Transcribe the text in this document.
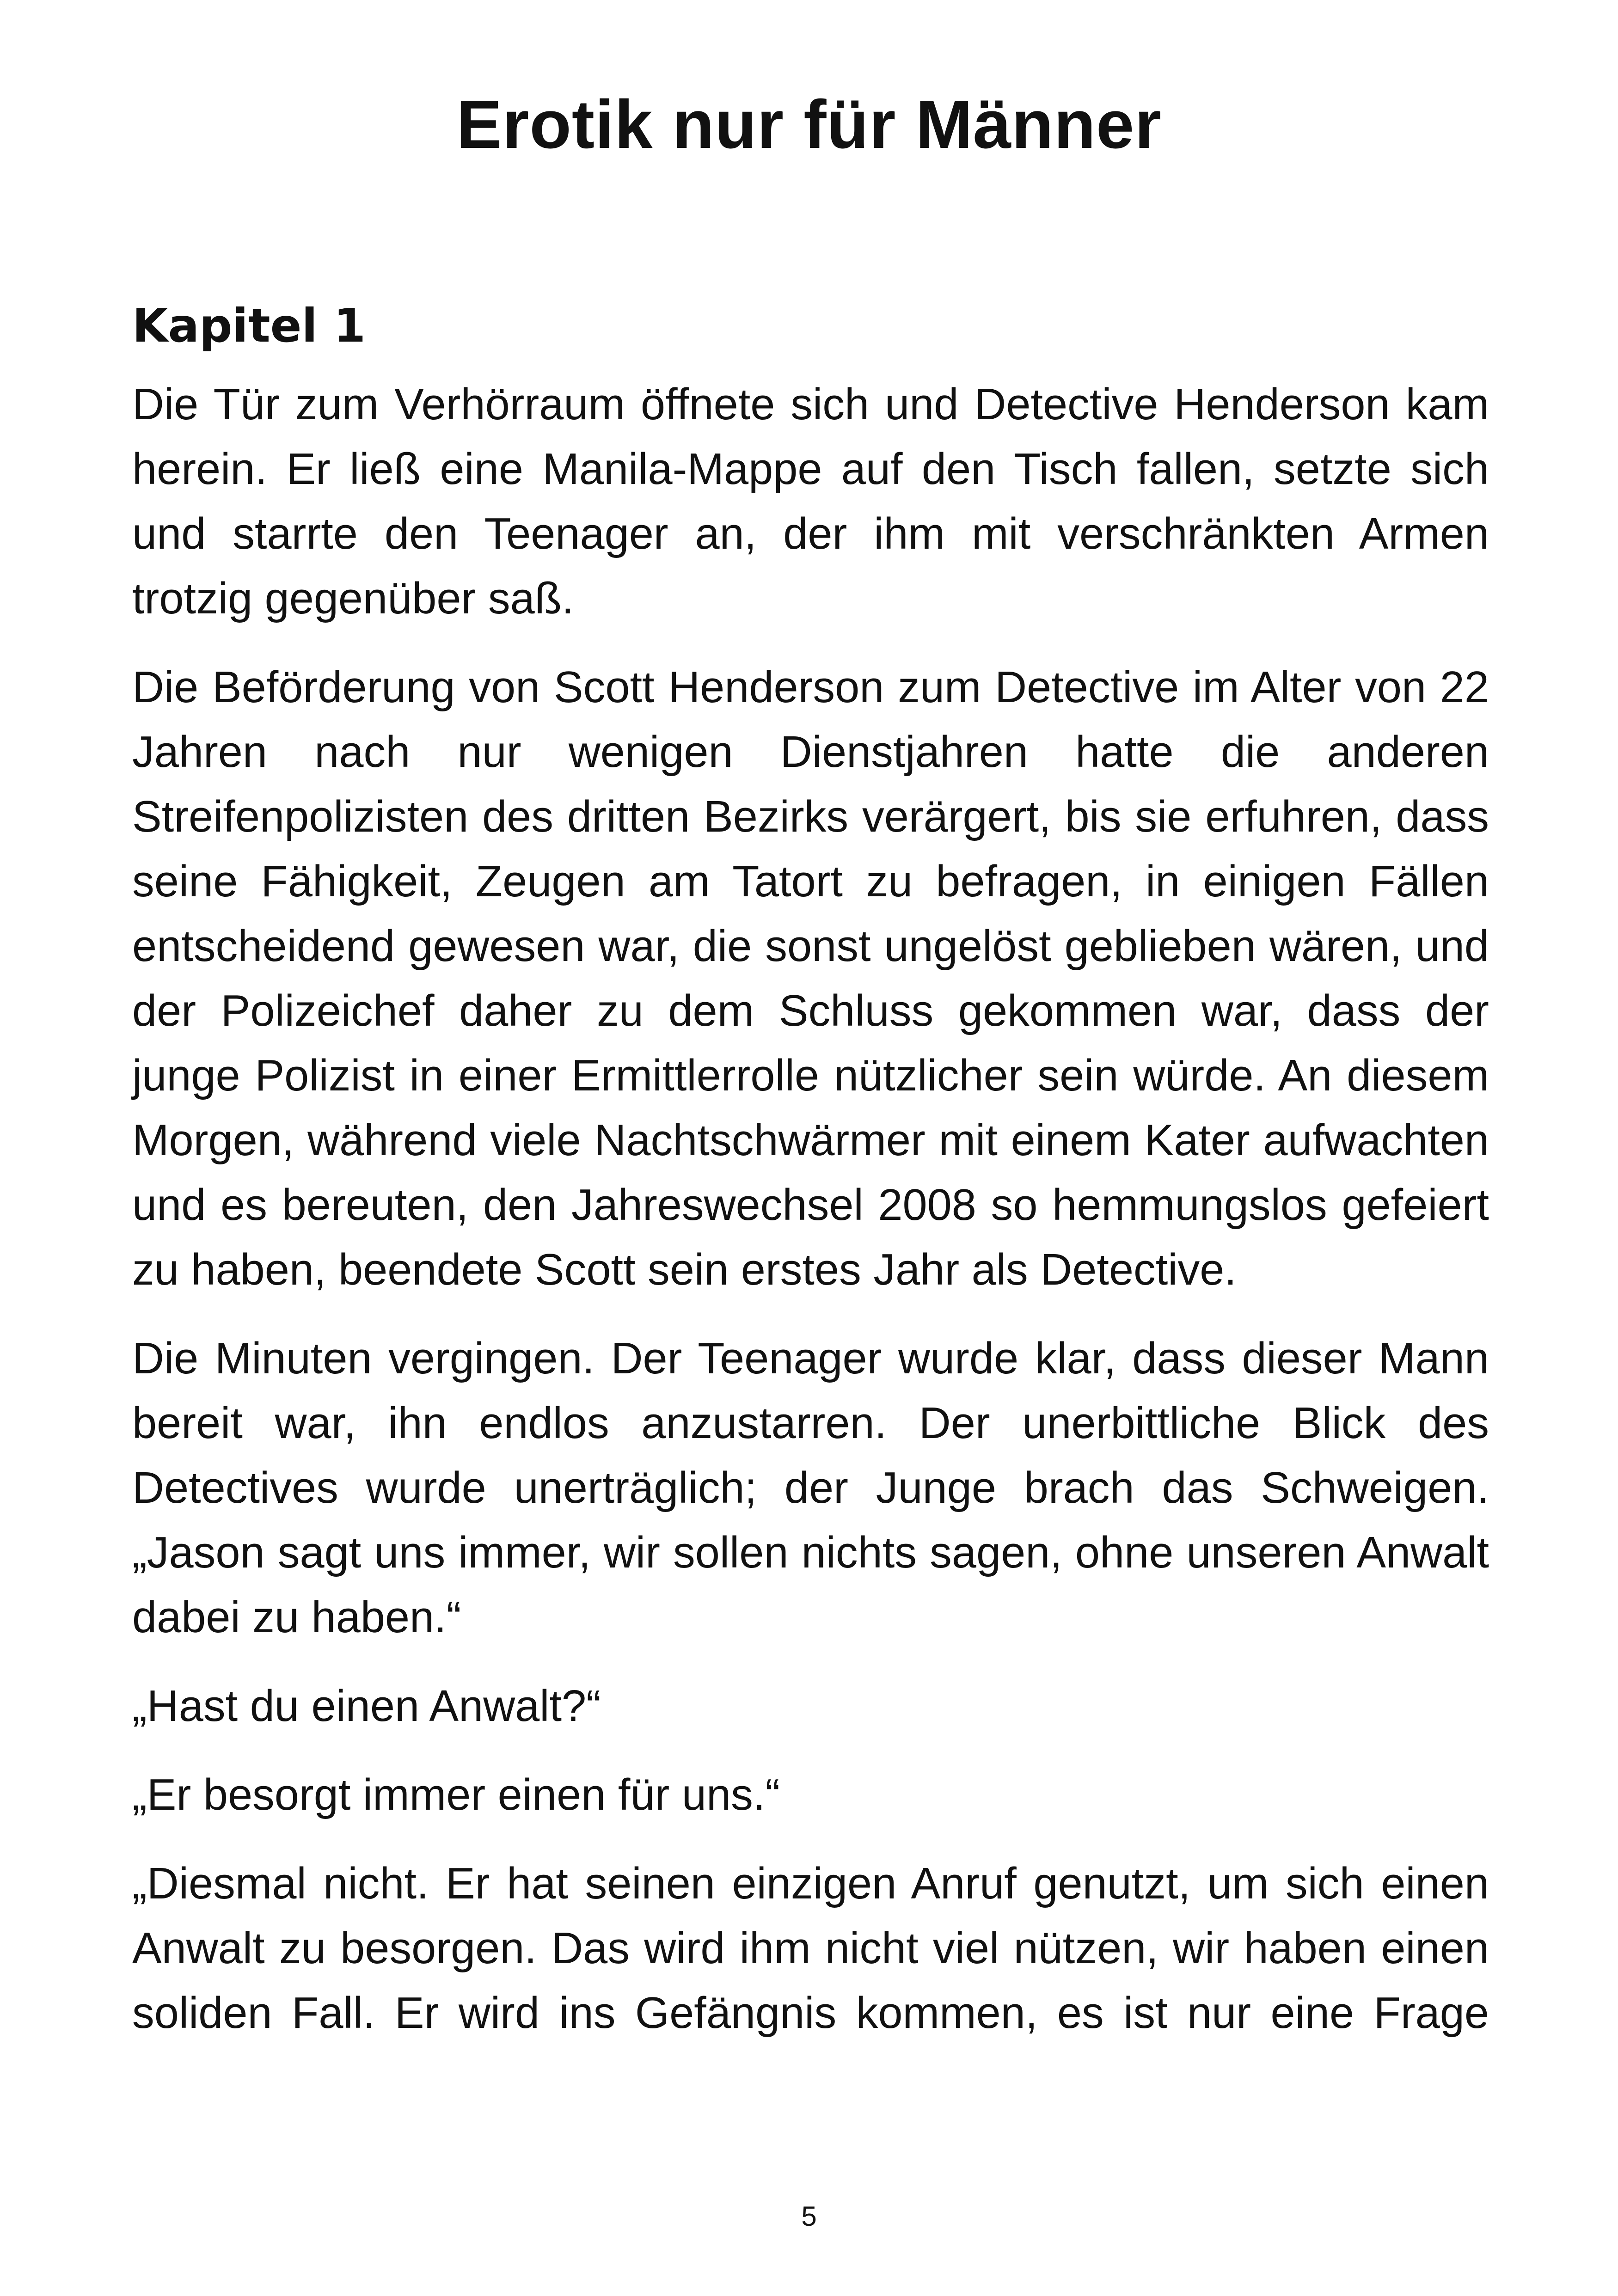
Erotik nur für Männer
Kapitel 1

Die Tür zum Verhörraum öffnete sich und Detective Henderson kam herein. Er ließ eine Manila-Mappe auf den Tisch fallen, setzte sich und starrte den Teenager an, der ihm mit verschränkten Armen trotzig gegenüber saß.

Die Beförderung von Scott Henderson zum Detective im Alter von 22 Jahren nach nur wenigen Dienstjahren hatte die anderen Streifenpolizisten des dritten Bezirks verärgert, bis sie erfuhren, dass seine Fähigkeit, Zeugen am Tatort zu befragen, in einigen Fällen entscheidend gewesen war, die sonst ungelöst geblieben wären, und der Polizeichef daher zu dem Schluss gekommen war, dass der junge Polizist in einer Ermittlerrolle nützlicher sein würde. An diesem Morgen, während viele Nachtschwärmer mit einem Kater aufwachten und es bereuten, den Jahreswechsel 2008 so hemmungslos gefeiert zu haben, beendete Scott sein erstes Jahr als Detective.

Die Minuten vergingen. Der Teenager wurde klar, dass dieser Mann bereit war, ihn endlos anzustarren. Der unerbittliche Blick des Detectives wurde unerträglich; der Junge brach das Schweigen. „Jason sagt uns immer, wir sollen nichts sagen, ohne unseren Anwalt dabei zu haben.“

„Hast du einen Anwalt?“

„Er besorgt immer einen für uns.“

„Diesmal nicht. Er hat seinen einzigen Anruf genutzt, um sich einen Anwalt zu besorgen. Das wird ihm nicht viel nützen, wir haben einen soliden Fall. Er wird ins Gefängnis kommen, es ist nur eine Frage

5
